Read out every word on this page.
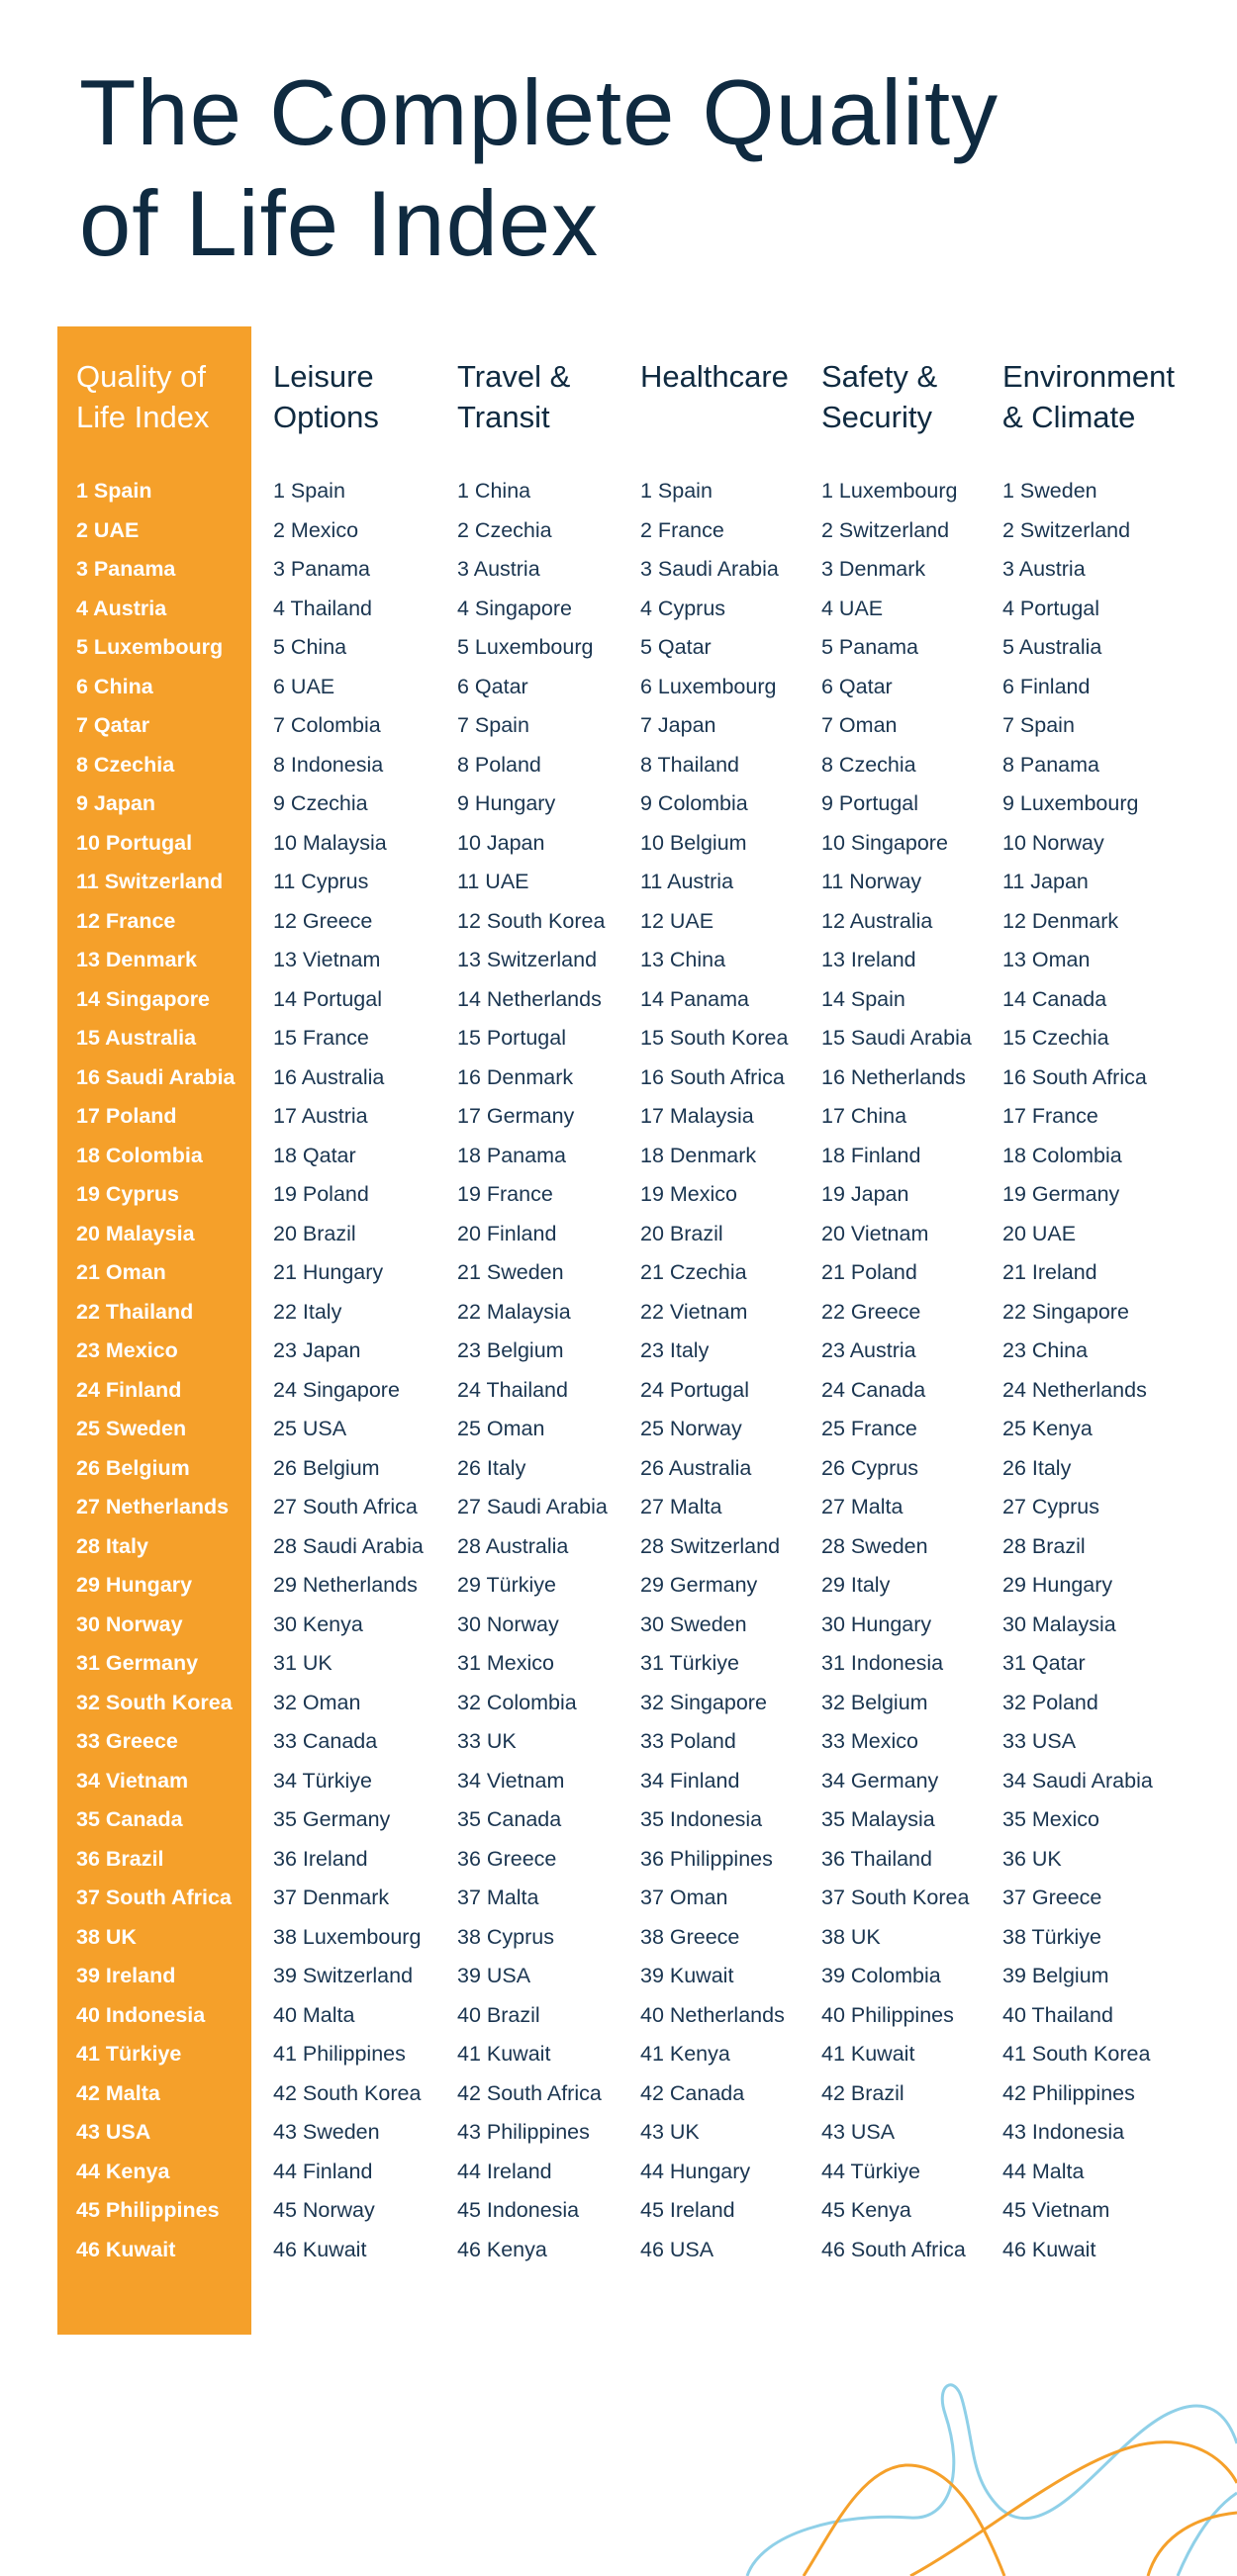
The Complete Quality
of Life Index
Quality of
Life Index
1 Spain
2 UAE
3 Panama
4 Austria
5 Luxembourg
6 China
7 Qatar
8 Czechia
9 Japan
10 Portugal
11 Switzerland
12 France
13 Denmark
14 Singapore
15 Australia
16 Saudi Arabia
17 Poland
18 Colombia
19 Cyprus
20 Malaysia
21 Oman
22 Thailand
23 Mexico
24 Finland
25 Sweden
26 Belgium
27 Netherlands
28 Italy
29 Hungary
30 Norway
31 Germany
32 South Korea
33 Greece
34 Vietnam
35 Canada
36 Brazil
37 South Africa
38 UK
39 Ireland
40 Indonesia
41 Türkiye
42 Malta
43 USA
44 Kenya
45 Philippines
46 Kuwait
Leisure
Options
1 Spain
2 Mexico
3 Panama
4 Thailand
5 China
6 UAE
7 Colombia
8 Indonesia
9 Czechia
10 Malaysia
11 Cyprus
12 Greece
13 Vietnam
14 Portugal
15 France
16 Australia
17 Austria
18 Qatar
19 Poland
20 Brazil
21 Hungary
22 Italy
23 Japan
24 Singapore
25 USA
26 Belgium
27 South Africa
28 Saudi Arabia
29 Netherlands
30 Kenya
31 UK
32 Oman
33 Canada
34 Türkiye
35 Germany
36 Ireland
37 Denmark
38 Luxembourg
39 Switzerland
40 Malta
41 Philippines
42 South Korea
43 Sweden
44 Finland
45 Norway
46 Kuwait
Travel &
Transit
1 China
2 Czechia
3 Austria
4 Singapore
5 Luxembourg
6 Qatar
7 Spain
8 Poland
9 Hungary
10 Japan
11 UAE
12 South Korea
13 Switzerland
14 Netherlands
15 Portugal
16 Denmark
17 Germany
18 Panama
19 France
20 Finland
21 Sweden
22 Malaysia
23 Belgium
24 Thailand
25 Oman
26 Italy
27 Saudi Arabia
28 Australia
29 Türkiye
30 Norway
31 Mexico
32 Colombia
33 UK
34 Vietnam
35 Canada
36 Greece
37 Malta
38 Cyprus
39 USA
40 Brazil
41 Kuwait
42 South Africa
43 Philippines
44 Ireland
45 Indonesia
46 Kenya
Healthcare
1 Spain
2 France
3 Saudi Arabia
4 Cyprus
5 Qatar
6 Luxembourg
7 Japan
8 Thailand
9 Colombia
10 Belgium
11 Austria
12 UAE
13 China
14 Panama
15 South Korea
16 South Africa
17 Malaysia
18 Denmark
19 Mexico
20 Brazil
21 Czechia
22 Vietnam
23 Italy
24 Portugal
25 Norway
26 Australia
27 Malta
28 Switzerland
29 Germany
30 Sweden
31 Türkiye
32 Singapore
33 Poland
34 Finland
35 Indonesia
36 Philippines
37 Oman
38 Greece
39 Kuwait
40 Netherlands
41 Kenya
42 Canada
43 UK
44 Hungary
45 Ireland
46 USA
Safety &
Security
1 Luxembourg
2 Switzerland
3 Denmark
4 UAE
5 Panama
6 Qatar
7 Oman
8 Czechia
9 Portugal
10 Singapore
11 Norway
12 Australia
13 Ireland
14 Spain
15 Saudi Arabia
16 Netherlands
17 China
18 Finland
19 Japan
20 Vietnam
21 Poland
22 Greece
23 Austria
24 Canada
25 France
26 Cyprus
27 Malta
28 Sweden
29 Italy
30 Hungary
31 Indonesia
32 Belgium
33 Mexico
34 Germany
35 Malaysia
36 Thailand
37 South Korea
38 UK
39 Colombia
40 Philippines
41 Kuwait
42 Brazil
43 USA
44 Türkiye
45 Kenya
46 South Africa
Environment
& Climate
1 Sweden
2 Switzerland
3 Austria
4 Portugal
5 Australia
6 Finland
7 Spain
8 Panama
9 Luxembourg
10 Norway
11 Japan
12 Denmark
13 Oman
14 Canada
15 Czechia
16 South Africa
17 France
18 Colombia
19 Germany
20 UAE
21 Ireland
22 Singapore
23 China
24 Netherlands
25 Kenya
26 Italy
27 Cyprus
28 Brazil
29 Hungary
30 Malaysia
31 Qatar
32 Poland
33 USA
34 Saudi Arabia
35 Mexico
36 UK
37 Greece
38 Türkiye
39 Belgium
40 Thailand
41 South Korea
42 Philippines
43 Indonesia
44 Malta
45 Vietnam
46 Kuwait
